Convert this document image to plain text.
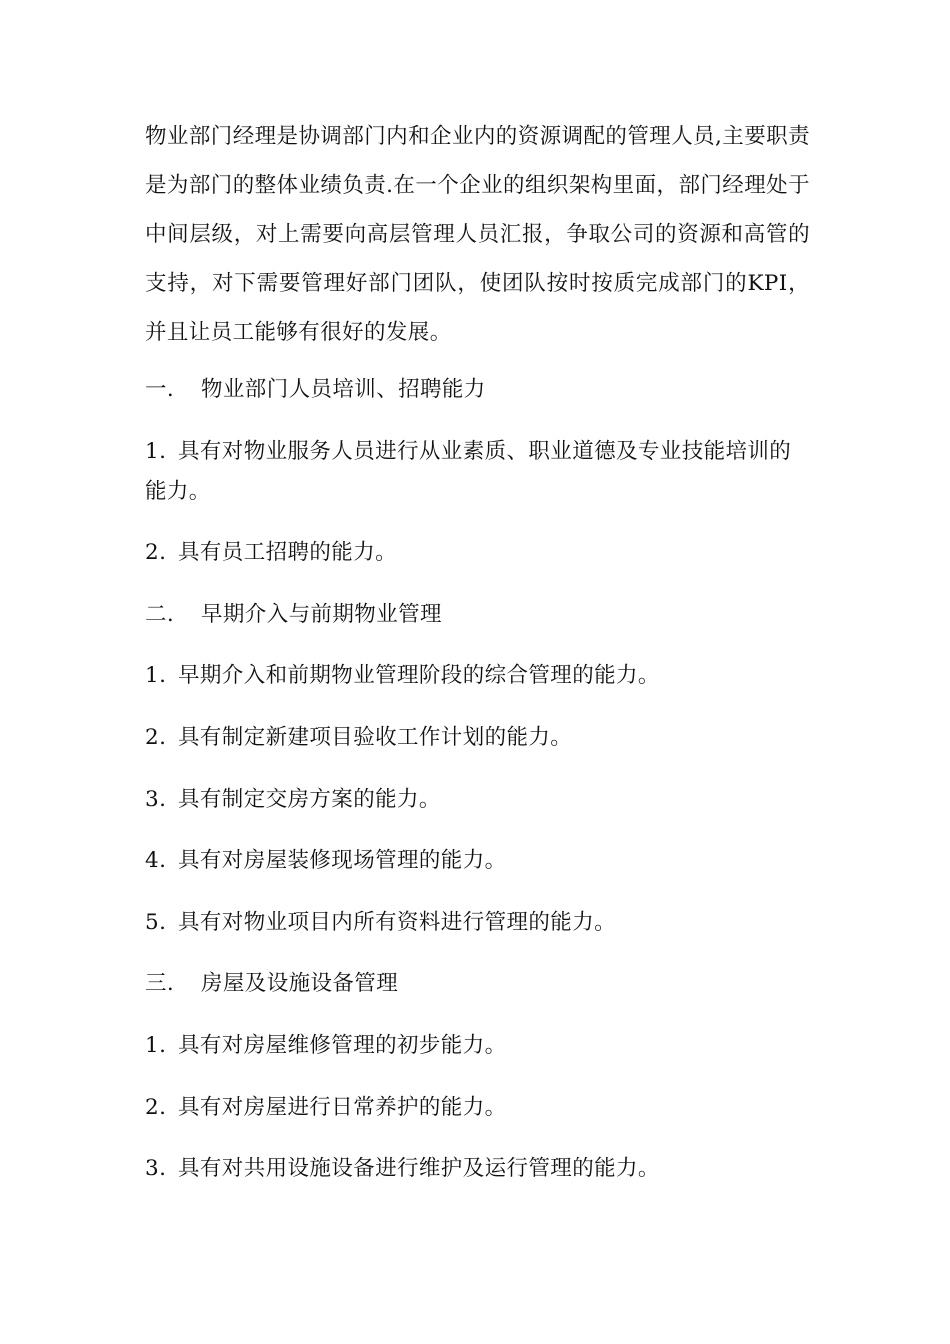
物业部门经理是协调部门内和企业内的资源调配的管理人员,主要职责是为部门的整体业绩负责.在一个企业的组织架构里面，部门经理处于中间层级，对上需要向高层管理人员汇报，争取公司的资源和高管的支持，对下需要管理好部门团队，使团队按时按质完成部门的KPI，并且让员工能够有很好的发展。

一. 物业部门人员培训、招聘能力
1. 具有对物业服务人员进行从业素质、职业道德及专业技能培训的能力。
2. 具有员工招聘的能力。
二. 早期介入与前期物业管理
1. 早期介入和前期物业管理阶段的综合管理的能力。
2. 具有制定新建项目验收工作计划的能力。
3. 具有制定交房方案的能力。
4. 具有对房屋装修现场管理的能力。
5. 具有对物业项目内所有资料进行管理的能力。
三. 房屋及设施设备管理
1. 具有对房屋维修管理的初步能力。
2. 具有对房屋进行日常养护的能力。
3. 具有对共用设施设备进行维护及运行管理的能力。
